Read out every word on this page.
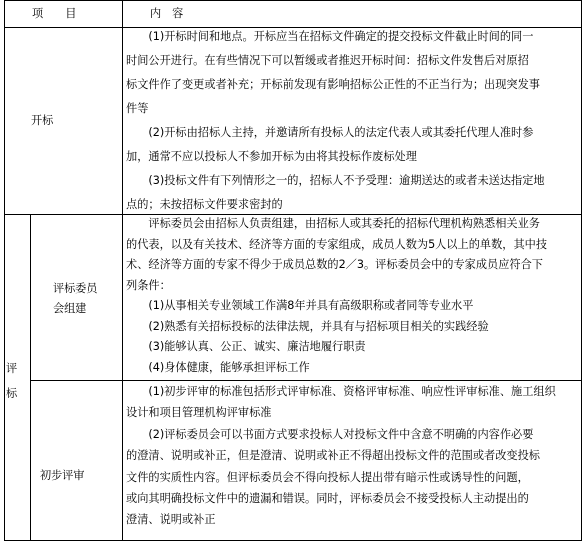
项　　目	内　容
开标
　　(1)开标时间和地点。开标应当在招标文件确定的提交投标文件截止时间的同一
时间公开进行。在有些情况下可以暂缓或者推迟开标时间：招标文件发售后对原招
标文件作了变更或者补充；开标前发现有影响招标公正性的不正当行为；出现突发事
件等
　　(2)开标由招标人主持，并邀请所有投标人的法定代表人或其委托代理人准时参
加，通常不应以投标人不参加开标为由将其投标作废标处理
　　(3)投标文件有下列情形之一的，招标人不予受理：逾期送达的或者未送达指定地
点的；未按招标文件要求密封的
评
标
评标委员
会组建
　　评标委员会由招标人负责组建，由招标人或其委托的招标代理机构熟悉相关业务
的代表，以及有关技术、经济等方面的专家组成，成员人数为5人以上的单数，其中技
术、经济等方面的专家不得少于成员总数的2／3。评标委员会中的专家成员应符合下
列条件：
　　(1)从事相关专业领域工作满8年并具有高级职称或者同等专业水平
　　(2)熟悉有关招标投标的法律法规，并具有与招标项目相关的实践经验
　　(3)能够认真、公正、诚实、廉洁地履行职责
　　(4)身体健康，能够承担评标工作
初步评审
　　(1)初步评审的标准包括形式评审标准、资格评审标准、响应性评审标准、施工组织
设计和项目管理机构评审标准
　　(2)评标委员会可以书面方式要求投标人对投标文件中含意不明确的内容作必要
的澄清、说明或补正，但是澄清、说明或补正不得超出投标文件的范围或者改变投标
文件的实质性内容。但评标委员会不得向投标人提出带有暗示性或诱导性的问题，
或向其明确投标文件中的遗漏和错误。同时，评标委员会不接受投标人主动提出的
澄清、说明或补正
